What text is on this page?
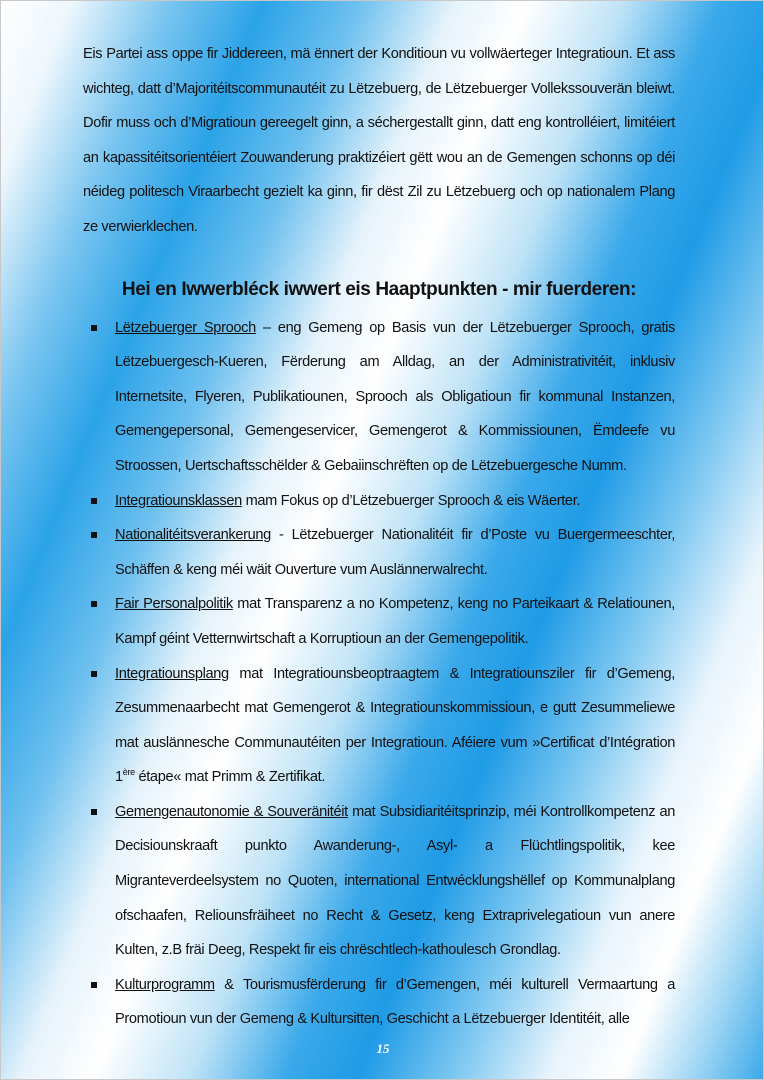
Eis Partei ass oppe fir Jiddereen, mä ënnert der Konditioun vu vollwäerteger Integratioun. Et ass wichteg, datt d’Majoritéitscommunautéit zu Lëtzebuerg, de Lëtzebuerger Vollekssouverän bleiwt. Dofir muss och d’Migratioun gereegelt ginn, a séchergestallt ginn, datt eng kontrolléiert, limitéiert an kapassitéitsorientéiert Zouwanderung praktizéiert gëtt wou an de Gemengen schonns op déi néideg politesch Viraarbecht gezielt ka ginn, fir dëst Zil zu Lëtzebuerg och op nationalem Plang ze verwierklechen.

Hei en Iwwerbléck iwwert eis Haaptpunkten - mir fuerderen:
Lëtzebuerger Sprooch – eng Gemeng op Basis vun der Lëtzebuerger Sprooch, gratis Lëtzebuergesch-Kueren, Fërderung am Alldag, an der Administrativitéit, inklusiv Internetsite, Flyeren, Publikatiounen, Sprooch als Obligatioun fir kommunal Instanzen, Gemengepersonal, Gemengeservicer, Gemengerot & Kommissiounen, Ëmdeefe vu Stroossen, Uertschaftsschëlder & Gebaiinschrëften op de Lëtzebuergesche Numm.
Integratiounsklassen mam Fokus op d’Lëtzebuerger Sprooch & eis Wäerter.
Nationalitéitsverankerung - Lëtzebuerger Nationalitéit fir d’Poste vu Buergermeeschter, Schäffen & keng méi wäit Ouverture vum Auslännerwalrecht.
Fair Personalpolitik mat Transparenz a no Kompetenz, keng no Parteikaart & Relatiounen, Kampf géint Vetternwirtschaft a Korruptioun an der Gemengepolitik.
Integratiounsplang mat Integratiounsbeoptraagtem & Integratiounsziler fir d’Gemeng, Zesummenaarbecht mat Gemengerot & Integratiounskommissioun, e gutt Zesummeliewe mat auslännesche Communautéiten per Integratioun. Aféiere vum »Certificat d’Intégration 1ère étape« mat Primm & Zertifikat.
Gemengenautonomie & Souveränitéit mat Subsidiaritéitsprinzip, méi Kontrollkompetenz an Decisiounskraaft punkto Awanderung-, Asyl- a Flüchtlingspolitik, kee Migranteverdeelsystem no Quoten, international Entwécklungshëllef op Kommunalplang ofschaafen, Reliounsfräiheet no Recht & Gesetz, keng Extraprivelegatioun vun anere Kulten, z.B fräi Deeg, Respekt fir eis chrëschtlech-kathoulesch Grondlag.
Kulturprogramm & Tourismusfërderung fir d’Gemengen, méi kulturell Vermaartung a Promotioun vun der Gemeng & Kultursitten, Geschicht a Lëtzebuerger Identitéit, alle
15
